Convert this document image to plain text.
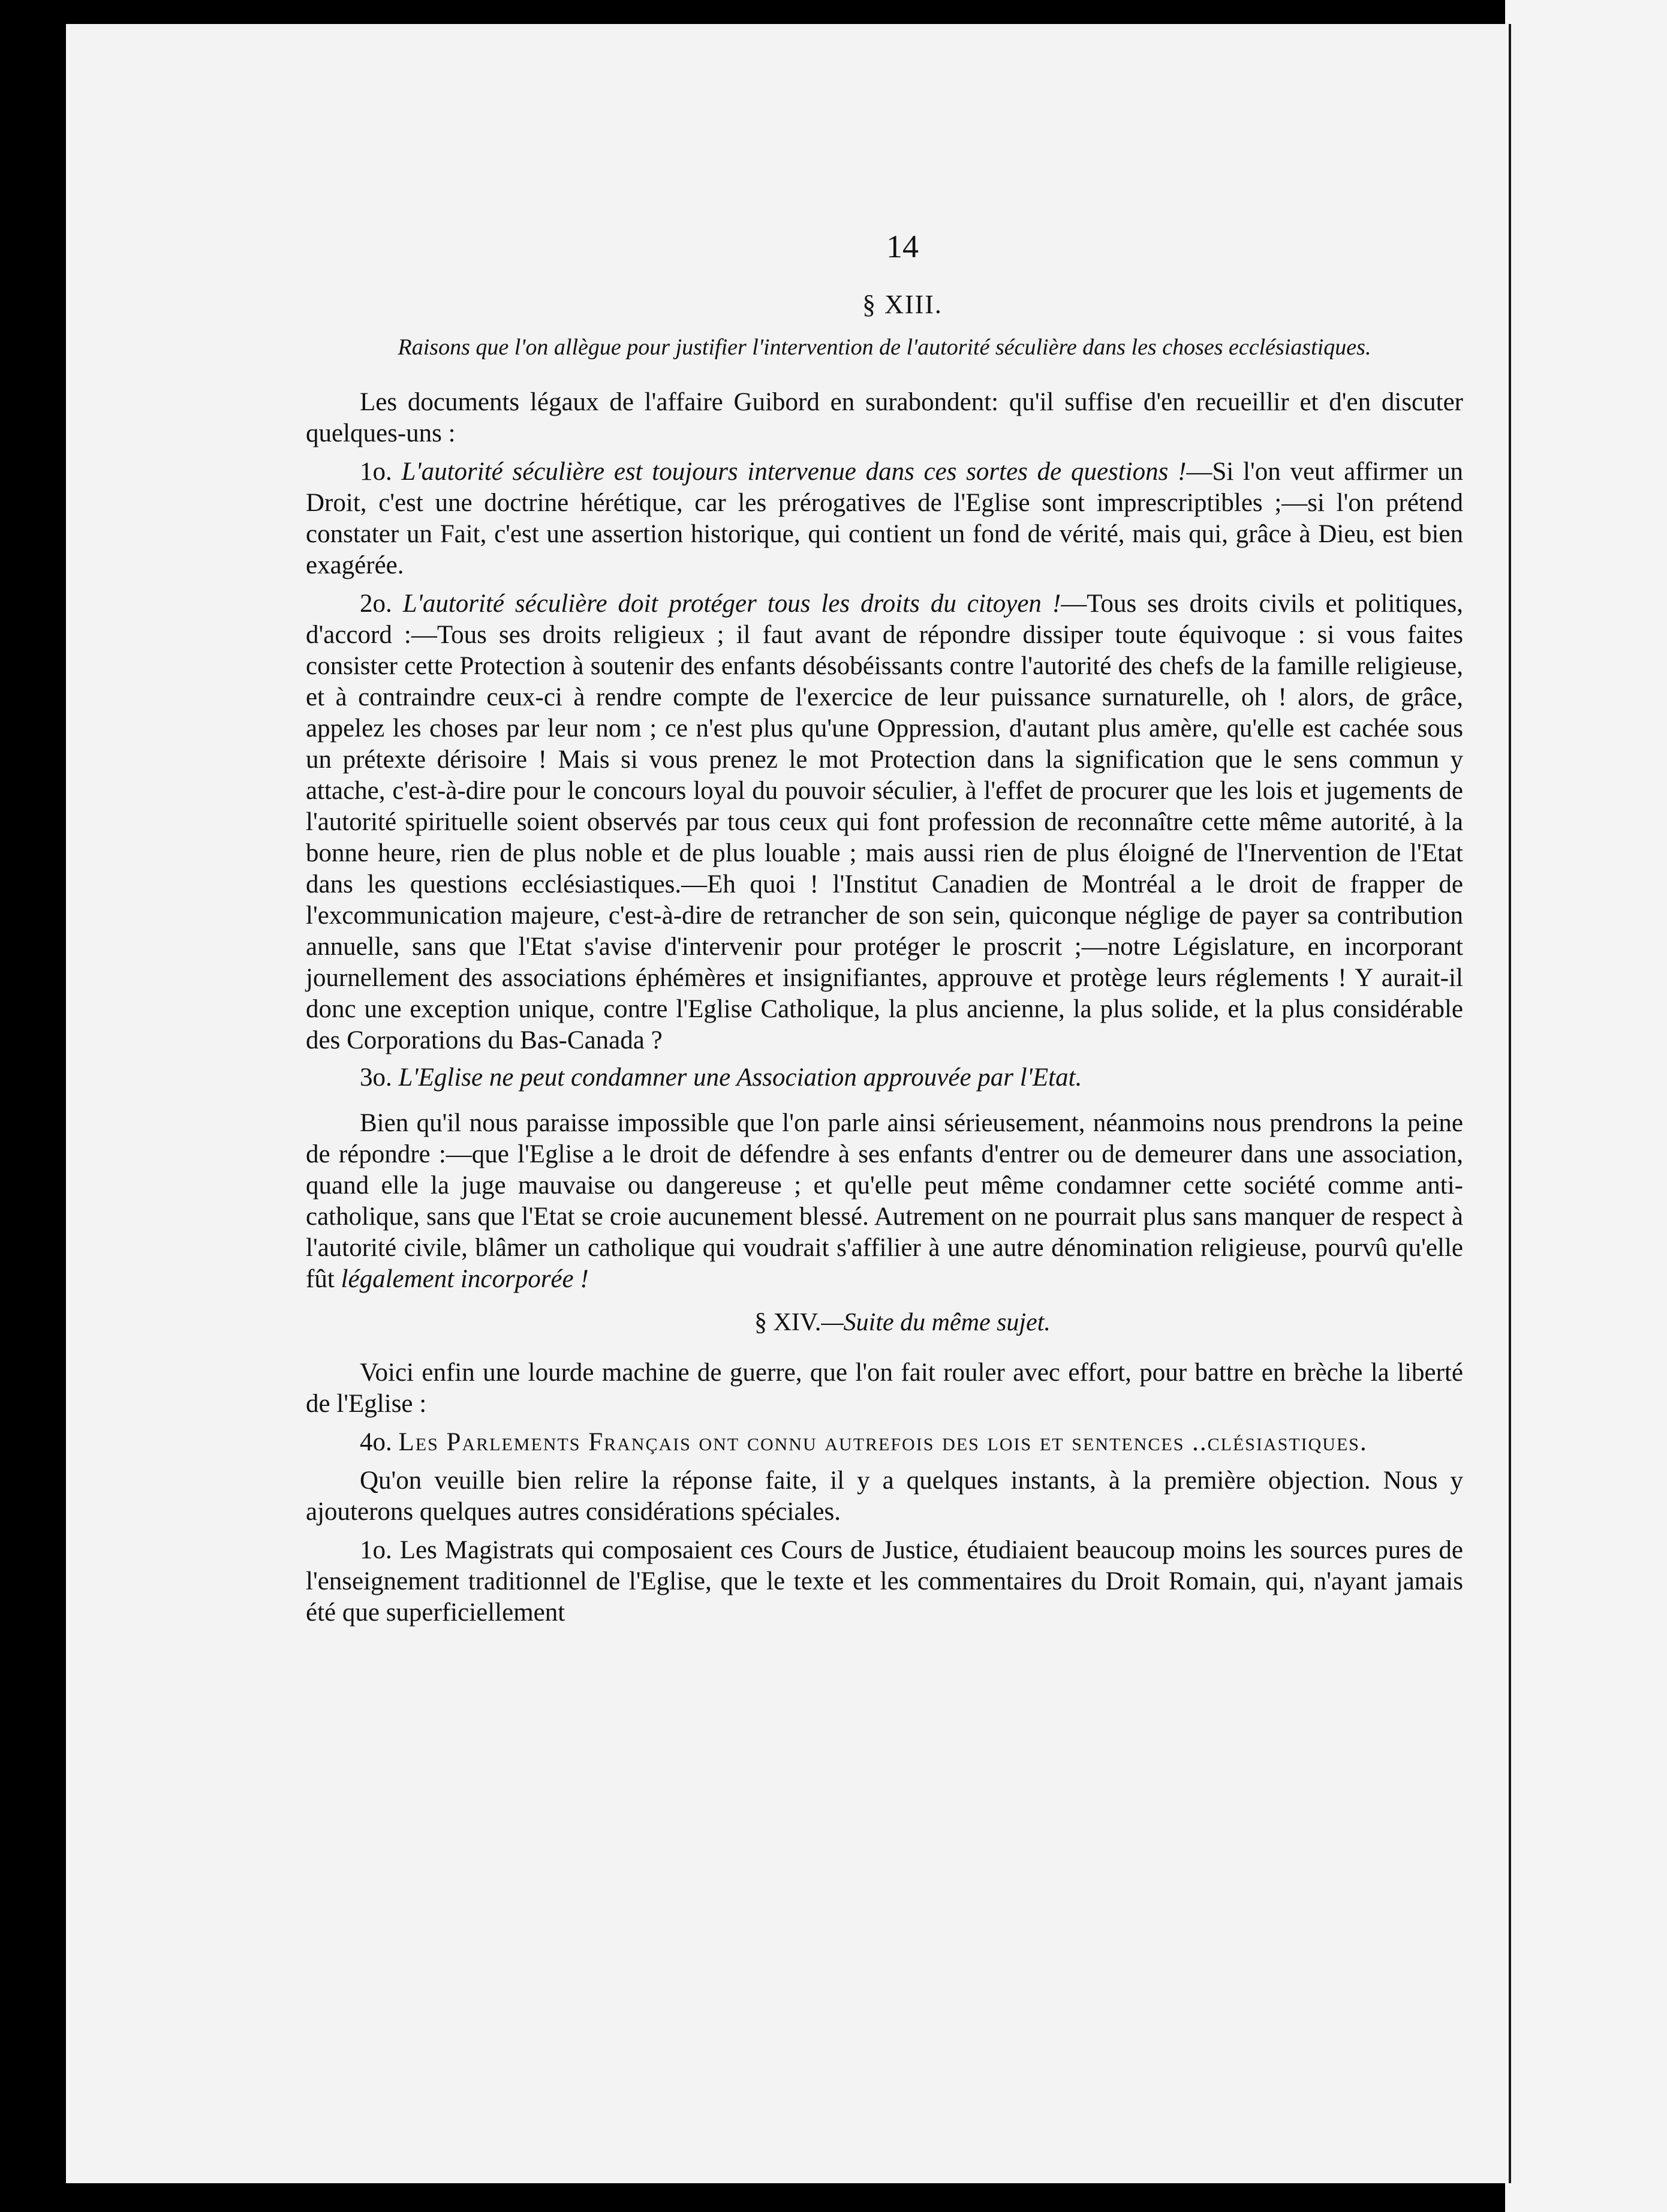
14
§ XIII.
Raisons que l'on allègue pour justifier l'intervention de l'autorité séculière dans les choses ecclésiastiques.

Les documents légaux de l'affaire Guibord en surabondent: qu'il suffise d'en recueillir et d'en discuter quelques-uns :

1o. L'autorité séculière est toujours intervenue dans ces sortes de questions !—Si l'on veut affirmer un Droit, c'est une doctrine hérétique, car les prérogatives de l'Eglise sont imprescriptibles ;—si l'on prétend constater un Fait, c'est une assertion historique, qui contient un fond de vérité, mais qui, grâce à Dieu, est bien exagérée.

2o. L'autorité séculière doit protéger tous les droits du citoyen !—Tous ses droits civils et politiques, d'accord :—Tous ses droits religieux ; il faut avant de répondre dissiper toute équivoque : si vous faites consister cette Protection à soutenir des enfants désobéissants contre l'autorité des chefs de la famille religieuse, et à contraindre ceux-ci à rendre compte de l'exercice de leur puissance surnaturelle, oh ! alors, de grâce, appelez les choses par leur nom ; ce n'est plus qu'une Oppression, d'autant plus amère, qu'elle est cachée sous un prétexte dérisoire ! Mais si vous prenez le mot Protection dans la signification que le sens commun y attache, c'est-à-dire pour le concours loyal du pouvoir séculier, à l'effet de procurer que les lois et jugements de l'autorité spirituelle soient observés par tous ceux qui font profession de reconnaître cette même autorité, à la bonne heure, rien de plus noble et de plus louable ; mais aussi rien de plus éloigné de l'Inervention de l'Etat dans les questions ecclésiastiques.—Eh quoi ! l'Institut Canadien de Montréal a le droit de frapper de l'excommunication majeure, c'est-à-dire de retrancher de son sein, quiconque néglige de payer sa contribution annuelle, sans que l'Etat s'avise d'intervenir pour protéger le proscrit ;—notre Législature, en incorporant journellement des associations éphémères et insignifiantes, approuve et protège leurs réglements ! Y aurait-il donc une exception unique, contre l'Eglise Catholique, la plus ancienne, la plus solide, et la plus considérable des Corporations du Bas-Canada ?

3o. L'Eglise ne peut condamner une Association approuvée par l'Etat.

Bien qu'il nous paraisse impossible que l'on parle ainsi sérieusement, néanmoins nous prendrons la peine de répondre :—que l'Eglise a le droit de défendre à ses enfants d'entrer ou de demeurer dans une association, quand elle la juge mauvaise ou dangereuse ; et qu'elle peut même condamner cette société comme anti-catholique, sans que l'Etat se croie aucunement blessé. Autrement on ne pourrait plus sans manquer de respect à l'autorité civile, blâmer un catholique qui voudrait s'affilier à une autre dénomination religieuse, pourvû qu'elle fût légalement incorporée !

§ XIV.—Suite du même sujet.

Voici enfin une lourde machine de guerre, que l'on fait rouler avec effort, pour battre en brèche la liberté de l'Eglise :

4o. Les Parlements Français ont connu autrefois des lois et sentences ..clésiastiques.

Qu'on veuille bien relire la réponse faite, il y a quelques instants, à la première objection. Nous y ajouterons quelques autres considérations spéciales.

1o. Les Magistrats qui composaient ces Cours de Justice, étudiaient beaucoup moins les sources pures de l'enseignement traditionnel de l'Eglise, que le texte et les commentaires du Droit Romain, qui, n'ayant jamais été que superficiellement
